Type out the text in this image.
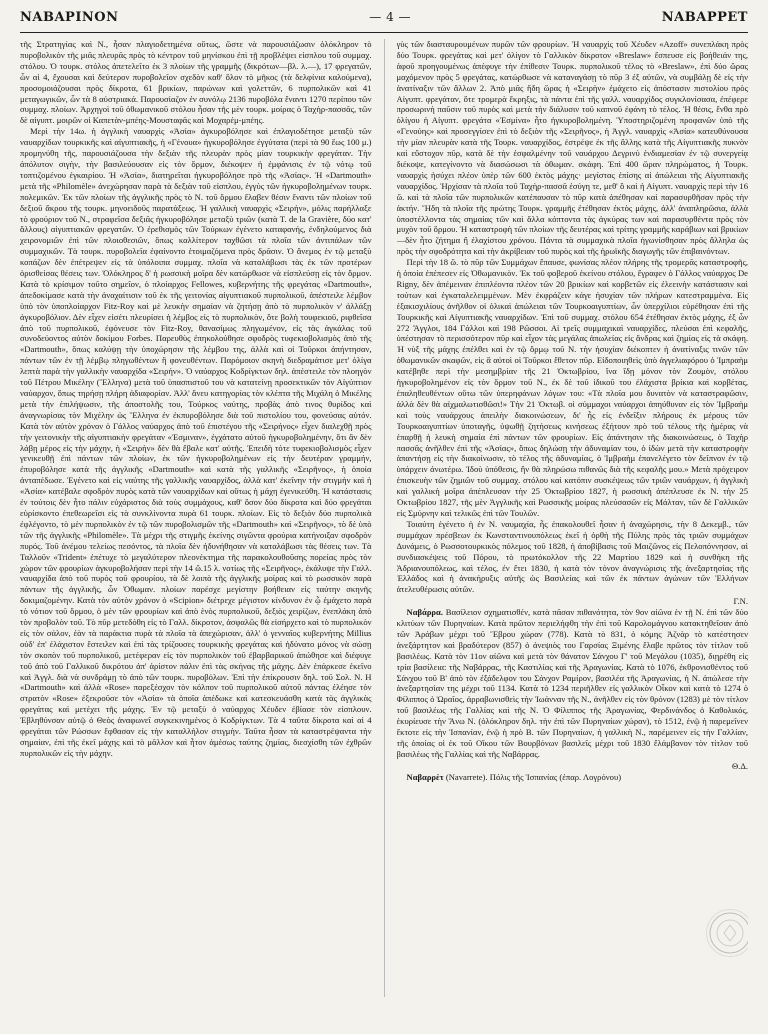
ΝΑΒΑΡΙΝΟΝ	— 4 —	ΝΑΒΑΡΡΕΤ

τῆς Στρατηγίας καὶ Ν., ἦσαν πλαγιοδετημένα οὕτως, ὥστε νὰ παρουσιάζωσιν ὁλόκληρον τὸ πυροβολικὸν τῆς μιᾶς πλευρᾶς πρὸς τὸ κέντρον τοῦ μηνίσκου ἐπὶ τῇ προβλέψει εἰσπλου τοῦ συμμαχ. στόλου. Ὁ τουρκ. στόλος ἀπετελεῖτο ἐκ 3 πλοίων τῆς γραμμῆς (δικρότων—βλ. λ.—), 17 φρεγατῶν, ὧν αἱ 4, ἔχουσαι καὶ δεύτερον πυροβολεῖον σχεδὸν καθ' ὅλον τὸ μῆκος (τὰ δελφίνια καλούμενα), προσομοιάζουσαι πρὸς δίκροτα, 61 βρικίων, παρώνων καὶ γολεττῶν, 6 πυρπολικῶν καὶ 41 μεταγωγικῶν, ὧν τὰ 8 αὐστριακά. Παρουσίαζον ἐν συνόλῳ 2136 πυροβόλα ἔναντι 1270 περίπου τῶν συμμαχ. πλοίων. Ἀρχηγοὶ τοῦ ὀθωμανικοῦ στόλου ἦσαν τῆς μὲν τουρκ. μοίρας ὁ Ταχὴρ-πασσᾶς, τῶν δὲ αἰγυπτ. μοιρῶν οἱ Καπετὰν-μπέης-Μουσταφᾶς καὶ Μοχαρέμ-μπέης.

Μερὶ τὴν 14ω. ἡ ἀγγλικὴ ναυαρχὶς «Ἀσία» ἀγκυροβόλησε καὶ ἐπλαγιοδέτησε μεταξὺ τῶν ναυαρχίδων τουρκικῆς καὶ αἰγυπτιακῆς, ἡ «Γένουα» ἠγκυροβόλησε ἐγγύτατα (περὶ τὰ 90 ἕως 100 μ.) προμηνύθη τῆς, παρουσιάζουσα τὴν δεξιὰν τῆς πλευρὰν πρὸς μίαν τουρκικὴν φρεγάταν. Τὴν ἀπόλυτον σιγὴν, τὴν βασιλεύουσαν εἰς τὸν ὅρμον, διέκοψεν ἡ ἐμφάνισις ἐν τῷ νότῳ τοῦ τοπτιζομένου ἐγκαιρίου. Ἡ «Ἀσία», διατηρεῖται ἠγκυροβόλησε πρὸ τῆς «Ἀσίας». Ἡ «Dartmouth» μετὰ τῆς «Philomèle» ἀνεχώρησαν παρὰ τὰ δεξιὰν τοῦ εἰσπλου, ἐγγὺς τῶν ἠγκυροβολημένων τουρκ. πολεμικῶν. Ἐκ τῶν πλοίων τῆς ἀγγλικῆς πρὸς τὸ Ν. τοῦ ὅρμου ἔλαβεν θέσιν ἔναντι τῶν πλοίων τοῦ δεξιοῦ ἄκρου τῆς τουρκ. μηνοειδοῦς παρατάξεως. Ἡ γαλλικὴ ναυαρχὶς «Σειρὴν», μόλις παρήλλαξε τὸ φρούριον τοῦ Ν., στραφεῖσα δεξιᾶς ἠγκυροβόλησε μεταξὺ τριῶν (κατὰ Τ. de la Gravière, δύο κατ' ἄλλους) αἰγυπτιακῶν φρεγατῶν. Ὁ ἐρεθισμὸς τῶν Τούρκων ἐγένετο καταφανής, ἐνδηλούμενος διὰ χειρονομιῶν ἐπὶ τῶν πλοιοθεσιῶν, ὅπως καλλίτερον ταχθῶσι τὰ πλοῖα τῶν ἀντιπάλων τῶν συμμαχικῶν. Τὰ τουρκ. πυροβολεῖα ἐφαίνοντο ἑτοιμαζόμενα πρὸς δρᾶσιν. Ὁ ἄνεμος ἐν τῷ μεταξὺ κοπάζων δὲν ἐπέτρεψεν εἰς τὰ ὑπόλοιπα συμμαχ. πλοῖα νὰ καταλάβωσι τὰς ἐκ τῶν προτέρων ὁρισθείσας θέσεις των. Ὁλόκληρος δ' ἡ ρωσσικὴ μοῖρα δὲν κατώρθωσε νὰ εἰσπλεύσῃ εἰς τὸν ὅρμον. Κατὰ τὸ κρίσιμον τοῦτο σημεῖον, ὁ πλοίαρχος Fellowes, κυβερνήτης τῆς φρεγάτας «Dartmouth», ἀπεδοκίμασε κατὰ τὴν ἀναχαίτισιν τοῦ ἐκ τῆς γειτονίας αἰγυπτιακοῦ πυρπολικοῦ, ἀπέστειλε λέμβον ὑπὸ τὸν ὑποπλοίαρχον Fitz-Roy καὶ μὲ λευκὴν σημαίαν νὰ ζητήσῃ ἀπὸ τὸ πυρπολικὸν ν' ἀλλάξῃ ἀγκυροβόλιον. Δὲν εἶχεν εἰσέτι πλευρίσει ἡ λέμβος εἰς τὸ πυρπολικὸν, ὅτε βολὴ τουφεκιοῦ, ριφθεῖσα ἀπὸ τοῦ πυρπολικοῦ, ἐφόνευσε τὸν Fitz-Roy, θανασίμως πληγωμένον, εἰς τὰς ἀγκάλας τοῦ συνοδεύοντος αὐτὸν δοκίμου Forbes. Παρευθὺς ἐπηκολούθησε σφοδρὸς τυφεκιοβολισμὸς ἀπὸ τῆς «Dartmouth», ὅπως καλύψῃ τὴν ὑποχώρησιν τῆς λέμβου της, ἀλλὰ καὶ οἱ Τοῦρκοι ἀπήντησαν, πάντων τῶν ἐν τῇ λέμβῳ πληγωθέντων ἢ φονευθέντων. Παρόμοιον σκηνὴ διεδραμάτισε μετ' ὀλίγα λεπτὰ παρὰ τὴν γαλλικὴν ναυαρχίδα «Σειρήν». Ὁ ναύαρχος Κοδρίγκτων δηλ. ἀπέστειλε τὸν πλοηγὸν τοῦ Πέτρου Μικέλην (Ἕλληνα) μετὰ τοῦ ὑπασπιστοῦ του νὰ κατατείνῃ προσεκτικῶν τὸν Αἰγύπτιον ναύαρχον, ὅπως τηρήσῃ πλήρη ἀδιαφορίαν. Ἀλλ' ἄνευ κατηγορίας τὸν κλέπτα τῆς Μιχάλη ὁ Μικέλης μετὰ τὴν ἐπιλήψωσιν, τῆς ἀποστολῆς του, Τούρκος ναύτης, προβὰς ἀπὸ τινος θυρίδος καὶ ἀναγνωρίσας τὸν Μιχέλην ὡς Ἕλληνα ἐν ἐκπυροβόλησε διὰ τοῦ πιστολίου του, φονεύσας αὐτόν. Κατὰ τὸν αὐτὸν χρόνον ὁ Γάλλος ναύαρχος ἀπὸ τοῦ ἑπιστέγου τῆς «Σειρήνος» εἶχεν διαλεχθῇ πρὸς τὴν γειτονικὴν τῆς αἰγυπτιακὴν φρεγάταν «Ἐσμιναν», ἐγχάτατο αὐτοῦ ἠγκυροβολημένην, ὅτι ἂν δὲν λάβῃ μέρος εἰς τὴν μάχην, ἡ «Σειρὴν» δὲν θὰ ἔβαλε κατ' αὐτῆς. Ἐπειδὴ τότε τυφεκιοβολισμὸς εἶχεν γενικευθῇ ἐπὶ πάντων τῶν πλοίων, ἐκ τῶν ἠγκυροβολημένων εἰς τὴν δευτέραν γραμμήν, ἐπυροβόλησε κατὰ τῆς ἀγγλικῆς «Dartmouth» καὶ κατὰ τῆς γαλλικῆς «Σειρῆνος», ἡ ὁποία ἀνταπέδωσε. Ἐγένετο καὶ εἰς ναύτης τῆς γαλλικῆς ναυαρχίδος, ἀλλὰ κατ' ἐκεῖνην τὴν στιγμὴν καὶ ἡ «Ἀσία» κατέβαλε σφοδρὸν πυρὸς κατὰ τῶν ναυαρχίδων καὶ οὕτως ἡ μάχη ἐγενικεύθη. Ἡ κατάστασις ἐν τούτοις δὲν ἦτο πάλιν εὐχάριστος διὰ τοὺς συμμάχους, καθ' ὅσον δύο δίκροτα καὶ δύο φρεγάται εὑρίσκοντο ἐπεθεωρεῖσι εἰς τὰ συνκλίνοντα πυρὰ 61 τουρκ. πλοίων. Εἰς τὸ δεξιὸν δύο πυρπολικὰ ἐφλέγοντο, τὸ μὲν πυρπολικὸν ἐν τῷ τῶν πυροβολισμῶν τῆς «Dartmouth» καὶ «Σειρῆνος», τὸ δὲ ὑπὸ τῶν τῆς ἀγγλικῆς «Philomèle». Τὰ μέχρι τῆς στιγμῆς ἐκείνης σιγῶντα φρούρια κατήνοιξαν σφοδρὸν πυρός. Τοῦ ἀνέμου τελείως πεσόντος, τὰ πλοῖα δὲν ἠδυνήθησαν νὰ καταλάβωσι τὰς θέσεις των. Τὰ Ταλλοῦν «Trident» ἐπέτυχε τὸ μεγαλύτερον πλεονέκτημα τῆς παρακολουθοῦσης πορείας πρὸς τὸν χώρον τῶν φρουρίων ἀγκυροβολήσαν περὶ τὴν 14 ὥ.15 λ. νοτίως τῆς «Σειρῆνος», ἐκάλυψε τὴν Γαλλ. ναυαρχίδα ἀπὸ τοῦ πυρὸς τοῦ φρουρίου, τὰ δὲ λοιπὰ τῆς ἀγγλικῆς μοίρας καὶ τὸ ρωσσικὸν παρὰ πάντων τῆς ἀγγλικῆς, ὧν Ὀθωμαν. πλοίων παρέσχε μεγίστην βοήθειαν εἰς ταύτην σκηνῆς δοκιμαζομένην. Κατὰ τὸν αὐτὸν χρόνον ὁ «Scipion» διέτρεχε μέγιστον κίνδυνον ἐν ᾧ ἐμάχετο παρὰ τὸ νότιον τοῦ ὅρμου, ὁ μὲν τῶν φρουρίων καὶ ἀπὸ ἑνὸς πυρπολικοῦ, δεξιὸς χειρίζων, ἐνεπλάκη ἀπὸ τὸν προβολὸν τοῦ. Τὸ πῦρ μετεδόθη εἰς τὸ Γαλλ. δίκροτον, ἀσφαλῶς θὰ εἰσήρχετο καὶ τὸ πυρπολικὸν εἰς τὸν σάλον, ἐὰν τὰ παράκτια πυρὰ τὰ πλοῖα τὰ ἀπεχώρισαν, ἀλλ' ὁ γενναῖος κυβερνήτης Millius οὐδ' ἐπ' ἐλάχιστον ἔστειλεν καὶ ἐπὶ τὰς τρίζουσες τουρκικὴς φρεγάτας καὶ ἠδύνατο μόνος νὰ σώσῃ τὸν σκοπὸν τοῦ πυρπολικοῦ, μετέφεραν εἰς τὸν πυρπολικὸν τοῦ ἐβαρβαρικοῦ ἀπώθησε καὶ διέφυγε τοῦ ἀπὸ τοῦ Γαλλικοῦ δικρότου ἀπ' ἀρίστον πάλιν ἐπὶ τὰς σκήνας τῆς μάχης. Δὲν ἐπάρκεσε ἐκεῖνο καὶ Ἀγγλ. διὰ νὰ συνδράμῃ τὸ ἀπὸ τῶν τουρκ. πυροβόλων. Ἐπὶ τὴν ἐπίκρουσιν δηλ. τοῦ Σολ. Ν. Η «Dartmouth» καὶ ἀλλὰ «Rose» παρεξέσχον τὸν κόλπον τοῦ πυρπολικοῦ αὐτοῦ πάντας ἐλέησε τὸν στρατὸν «Rose» ἐξεκροῦσε τὸν «Ἀσία» τὰ ὁποῖα ἀπέδωκε καὶ κατεσκευάσθη κατὰ τὰς ἀγγλικὰς φρεγάτας καὶ μετέχει τῆς μάχης. Ἐν τῷ μεταξὺ ὁ ναύαρχος Χέυδεν ἐβίασε τὸν εἰσπλουν. Ἐβληθύνσαν αὐτῷ ὁ Θεὸς ἀναφωνεῖ συγκεκινημένος ὁ Κοδρίγκτων. Τὰ 4 ταῦτα δίκροτα καὶ αἱ 4 φρεγάται τῶν Ρώσσων ἔφθασαν εἰς τὴν καταλλήλον στιγμὴν. Ταῦτα ἦσαν τὰ καταστρέψαντα τὴν σημαίαν, ἐπὶ τῆς ἐκεῖ μάχης καὶ τὸ μᾶλλον καὶ ἦτον ἀμέσως ταύτης ζημίας, διεσχίσθη τῶν ἐχθρῶν πυρπολικῶν εἰς τὴν μάχην.

γὺς τῶν διασταυρουμένων πυρῶν τῶν φρουρίων. Ἡ ναυαρχὶς τοῦ Χέυδεν «Azoff» συνεπλάκη πρὸς δύο Τουρκ. φρεγάτας καὶ μετ' ὀλίγον τὸ Γαλλικὸν δίκροτον «Breslaw» ἔσπευσε εἰς βοήθειάν της, ἀφοῦ προηγουμένως ἀπέφυγε τὴν ἐπίθεσιν Τουρκ. πυρπολικοῦ τέλος τὸ «Breslaw», ἐπὶ δύο ὥρας μαχόμενον πρὸς 5 φρεγάτας, κατώρθωσε νὰ καταναγάσῃ τὸ πῦρ 3 ἐξ αὐτῶν, νὰ συμβάλῃ δὲ εἰς τὴν ἀνατίναξιν τῶν ἄλλων 2. Ἀπὸ μιᾶς ἤδη ὥρας ἡ «Σειρὴν» ἐμάχετο εἰς ἀπόστασιν πιστολίου πρὸς Αἰγυπτ. φρεγάταν, ὅτε τρομερὰ ἔκρηξις, τὰ πάντα ἐπὶ τῆς γαλλ. ναυαρχίδος συγκλονίσασα, ἐπέφερε προσωρινὴ παῦσιν τοῦ πυρὸς καὶ μετὰ τὴν διάλυσιν τοῦ καπνοῦ ἐφάνη τὸ τέλος. Ἡ θέσις, ἔνθα πρὸ ὀλίγου ἡ Αἰγυπτ. φρεγάτα «Ἐσμίνα» ἦτο ἠγκυροβολημένη. Ὑποστηριζομένη προφανῶν ὑπὸ τῆς «Γενούης» καὶ προσεγγίσεν ἐπὶ τὸ δεξιὸν τῆς «Σειρῆνος», ἡ Ἀγγλ. ναυαρχὶς «Ἀσία» κατευθύνουσα τὴν μίαν πλευρὰν κατὰ τῆς Τουρκ. ναυαρχίδος, ἐστρέψε ἐκ τῆς ἄλλης κατὰ τῆς Αἰγυπτιακῆς πυκνὸν καὶ εὔστοχον πῦρ, κατὰ δὲ τὴν ἐσφαλμένην τοῦ ναυάρχου Δεγρινύ ἐνδιαμεσίαν ἐν τῷ συνεργείᾳ διέκοψε, κατεγίνοντο νὰ διασώσωσι τὰ ὀθωμαν. σκάφη. Ἐπὶ 400 ὥραν πληρώματος, ἡ Τουρκ. ναυαρχὶς ἡσύχει πλέον ὑπὲρ τῶν 600 ἐκτὸς μάχης· μεγίστας ἐπίσης αἱ ἀπώλειαι τῆς Αἰγυπτιακῆς ναυαρχίδος. Ἠρχίσαν τὰ πλοῖα τοῦ Ταχὴρ-πασσᾶ ἐσύγη τε, μεθ' ὃ καὶ ἡ Αἰγυπτ. ναυαρχὶς περὶ τὴν 16 ὥ. καὶ τὰ πλοῖα τῶν πυρπολικῶν κατέπαυσαν τὸ πῦρ κατὰ ἀπέθησαν καὶ παρασυρθῆσαν πρὸς τὴν ἀκτήν. Ἤδη τὰ πλοῖα τῆς πρώτης Τουρκ. γραμμῆς ἐτέθησαν ἐκτὸς μάχης, ἀλλ' ἀναπληρῶσια, ἀλλὰ ὑποστέλλοντα τὰς σημαίας τῶν καὶ ἄλλα κόπτοντα τὰς ἀγκύρας των καὶ παρασυρθέντα πρὸς τὸν μυχὸν τοῦ ὅρμου. Ἡ καταστροφὴ τῶν πλοίων τῆς δευτέρας καὶ τρίτης γραμμῆς καράβιων καὶ βρικίων—δὲν ἦτο ζήτημα ἢ ἐλαχίστου χρόνου. Πάντα τὰ συμμαχικὰ πλοῖα ἠγωνίσθησαν πρὸς ἄλληλα ὡς πρὸς τὴν σφοδρότητα καὶ τὴν ἀκρίβειαν τοῦ πυρὸς καὶ τῆς ἡρωϊκῆς διαγωγῆς τῶν ἐπιβαινόντων.

Περὶ τὴν 18 ὥ. τὸ πῦρ τῶν Συμμάχων ἔπαυσε, φωνίσας πλέον πλήρης τῆς τρομερᾶς καταστροφῆς, ἡ ὁποία ἐπέπεσεν εἰς Ὀθωμανικὸν. Ἐκ τοῦ φοβεροῦ ἐκείνου στόλου, ἔγραφεν ὁ Γάλλος ναύαρχος De Rigny, δὲν ἀπέμειναν ἐπιπλέοντα πλέον τῶν 20 βρικίων καὶ κορβετῶν εἰς ἐλεεινὴν κατάστασιν καὶ τούτων καὶ ἐγκαταλελειμμένων. Μὲν ἐκφράζειν κάγε ἡσυχίαν τῶν πλήρων κατεστραμμένα. Εἰς ἐξακισχιλίους ἀνῆλθον οἱ ὀλικαὶ ἀπώλειαι τῶν Τουρκοαιγυπτίων, ὧν ὑπερχίλιοι εὑρέθησαν ἐπὶ τῆς Τουρκικῆς καὶ Αἰγυπτιακῆς ναυαρχίδων. Ἐπὶ τοῦ συμμαχ. στόλου 654 ἐτέθησαν ἐκτὸς μάχης, ἐξ ὧν 272 Ἄγγλοι, 184 Γάλλοι καὶ 198 Ρῶσσοι. Αἱ τρεῖς συμμαχικαὶ ναυαρχίδες, πλεύσαι ἐπὶ κεφαλῆς, ὑπέστησαν τὸ περισσότερον πῦρ καὶ εἶχον τὰς μεγάλας ἀπωλείας εἰς ἄνδρας καὶ ζημίας εἰς τὰ σκάφη. Ἡ νὺξ τῆς μάχης ἐπέλθει καὶ ἐν τῷ ὅρμῳ τοῦ Ν. τὴν ἡσυχίαν διέκοπτεν ἡ ἀνατίναξις τινῶν τῶν ὀθωμανικῶν σκαφῶν, εἰς ἃ αὐτοὶ οἱ Τοῦρκοι ἔθετον πῦρ. Εἰδοποιηθεὶς ὑπὸ ἀγγελιαφόρου ὁ Ἰμπραὴμ κατέβηθε περὶ τὴν μεσημβρίαν τῆς 21 Ὀκτωβρίου, ἵνα ἴδῃ μόνον τὸν Ζουμὸν, στόλου ἠγκυροβολημένον εἰς τὸν ὅρμον τοῦ Ν., ἐκ δὲ τοῦ ἰδικοῦ του ἐλάχιστα βρίκια καὶ κορβέτας, ἐπαληθευθέντων οὕτω τῶν ὑπερηφάνων λόγων του: «Τὰ πλοῖα μου δυνατὸν νὰ καταστραφῶσιν, ἀλλὰ δὲν θὰ αἰχμαλωτισθῶσι!» Τὴν 21 Ὀκτωβ. οἱ σύμμαχοι ναύαρχοι ἀπηύθυναν εἰς τὸν Ἰμβραὴμ καὶ τοὺς ναυάρχους ἀπειλὴν διακοινώσεων, δι' ἧς εἰς ἐνδεῖξιν πλήρους ἐκ μέρους τῶν Τουρκοαιγυπτίων ὑποταγῆς, ὑψωθῇ ζητήσεως κινήσεως ἐξήτουν πρὸ τοῦ τέλους τῆς ἡμέρας νὰ ἐπαρθῇ ἡ λευκὴ σημαία ἐπὶ πάντων τῶν φρουρίων. Εἰς ἀπάντησιν τῆς διακοινώσεως, ὁ Ταχὴρ πασσᾶς ἀνῆλθεν ἐπὶ τῆς «Ἀσίας», ὅπως δηλώσῃ τὴν ἀδυναμίαν του, ὁ ἰδὼν μετὰ τὴν καταστροφὴν ἀπαντήσῃ εἰς τὴν διακοίνωσιν, τὸ τέλος τῆς ἀδυναμίας, ὁ Ἰμβραὴμ ἐπανελέγετο τὸν δεῖπνον ἐν τῷ ὑπάρχειν ἀνωτέρω. Ἰδοὺ ὑπόθεσις, ἣν θὰ πληρώσω πιθανῶς διὰ τῆς κεφαλῆς μου.» Μετὰ πρόχειρον ἐπισκευὴν τῶν ζημιῶν τοῦ συμμαχ. στόλου καὶ κατόπιν συσκέψεως τῶν τριῶν ναυάρχων, ἡ ἀγγλικὴ καὶ γαλλικὴ μοῖρα ἀπέπλευσαν τὴν 25 Ὀκτωβρίου 1827, ἡ ρωσσικὴ ἀπέπλευσε ἐκ Ν. τὴν 25 Ὀκτωβρίου 1827, τῆς μὲν Ἀγγλικῆς καὶ Ρωσσικῆς μοίρας πλεύσασῶν εἰς Μάλταν, τῶν δὲ Γαλλικῶν εἰς Σμύρνην καὶ τελικῶς ἐπὶ τῶν Τουλῶν.

Τοιαύτη ἐγένετο ἡ ἐν Ν. ναυμαχία, ἧς ἐπακολουθεῖ ἦσαν ἡ ἀναχώρησις, τὴν 8 Δεκεμβ., τῶν συμμάχων πρέσβεων ἐκ Κωνσταντινουπόλεως ἐκεῖ ἡ ὀρθὴ τῆς Πύλης πρὸς τὰς τριῶν συμμάχων Δυνάμεις, ὁ Ρωσσοτουρκικὸς πόλεμος τοῦ 1828, ἡ ἀποβίβασις τοῦ Μαιζῶνος εἰς Πελοπόννησον, αἱ συνδιασκέψεις τοῦ Πόρου, τὸ πρωτόκολλον τῆς 22 Μαρτίου 1829 καὶ ἡ συνθήκη τῆς Ἀδριανουπόλεως, καὶ τέλος, ἐν ἔτει 1830, ἡ κατὰ τὸν τόνον ἀναγνώρισις τῆς ἀνεξαρτησίας τῆς Ἑλλάδος καὶ ἡ ἀνακήρυξις αὐτῆς ὡς Βασιλείας καὶ τῶν ἐκ πάντων ἀγώνων τῶν Ἑλλήνων ἀτελευθέρωσις αὐτῶν.

Γ.Ν.

Ναβάρρα. Βασίλειον σχηματισθέν, κατὰ πᾶσαν πιθανότητα, τὸν 9ον αἰῶνα ἐν τῇ Ν. ἐπὶ τῶν δύο κλιτύων τῶν Πυρηναίων. Κατὰ πρῶτον περιελήφθη τὴν ἐπὶ τοῦ Καρολομάγνου κατακτηθεῖσαν ἀπὸ τῶν Ἀράβων μέχρι τοῦ Ἕβρου χώραν (778). Κατὰ τὸ 831, ὁ κόμης Ἀζνὰρ τὸ κατέστησεν ἀνεξάρτητον καὶ βραδύτερον (857) ὁ ἀνεψιὸς του Γαρσίας Ξιμένης ἔλαβε πρῶτος τὸν τίτλον τοῦ βασιλέως. Κατὰ τὸν 11ον αἰῶνα καὶ μετὰ τὸν θάνατον Σάνχου Γ' τοῦ Μεγάλου (1035), διῃρέθη εἰς τρία βασίλεια: τῆς Ναβάρρας, τῆς Καστιλίας καὶ τῆς Ἀραγωνίας. Κατὰ τὸ 1076, ἐκθρονισθέντος τοῦ Σάνχου τοῦ Β' ἀπὸ τὸν ἐξάδελφον του Σάνχον Ραμίρον, βασιλέα τῆς Ἀραγωνίας, ἡ Ν. ἀπώλεσε τὴν ἀνεξαρτησίαν της μέχρι τοῦ 1134. Κατὰ τὸ 1234 περιῆλθεν εἰς γαλλικὸν Οἶκον καὶ κατὰ τὸ 1274 ὁ Φίλιππος ὁ Ὡραῖος, ἀρραβωνισθεὶς τὴν Ἰωάνναν τῆς Ν., ἀνῆλθεν εἰς τὸν θρόνον (1283) μὲ τὸν τίτλον τοῦ βασιλέως τῆς Γαλλίας καὶ τῆς Ν. Ὁ Φίλιππος τῆς Ἀραγωνίας, Φερδινάνδος ὁ Καθολικός, ἐκυρίευσε τὴν Ἄνω Ν. (ὁλόκληρον δηλ. τὴν ἐπὶ τῶν Πυρηναίων χώραν), τὸ 1512, ἐνῷ ἡ παρεμεῖνεν ἔκτοτε εἰς τὴν Ἱσπανίαν, ἐνῷ ἡ πρὸ Β. τῶν Πυρηναίων, ἡ γαλλικὴ Ν., παρέμεινεν εἰς τὴν Γαλλίαν, τῆς ὁποίας οἱ ἐκ τοῦ Οἴκου τῶν Βουρβόνων βασιλεῖς μέχρι τοῦ 1830 ἔλάμβανον τὸν τίτλον τοῦ βασιλέως τῆς Γαλλίας καὶ τῆς Ναβάρρας.

Θ.Δ.

Ναβαρρὲτ (Navarrete). Πόλις τῆς Ἱσπανίας (ἐπαρ. Λογρόνου)
